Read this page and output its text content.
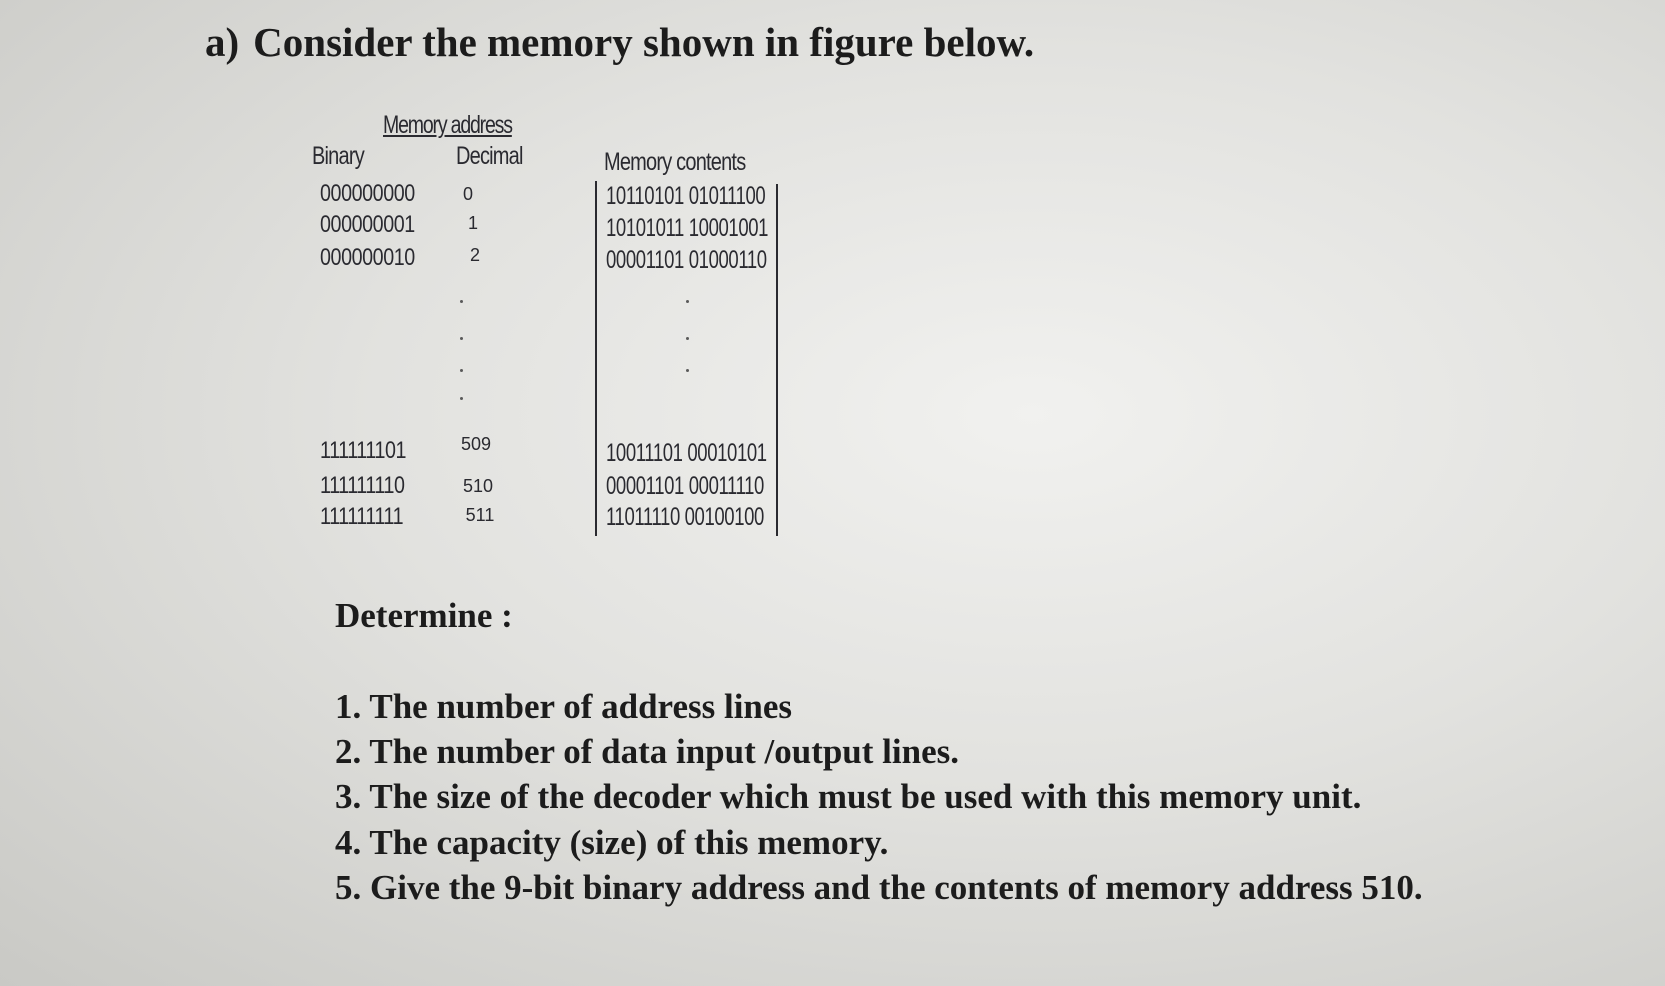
a) Consider the memory shown in figure below.
Memory address
Binary	Decimal	Memory contents
000000000	0	10110101 01011100
000000001	1	10101011 10001001
000000010	2	00001101 01000110
111111101	509	10011101 00010101
111111110	510	00001101 00011110
111111111	511	11011110 00100100
Determine :
1. The number of address lines
2. The number of data input /output lines.
3. The size of the decoder which must be used with this memory unit.
4. The capacity (size) of this memory.
5. Give the 9-bit binary address and the contents of memory address 510.
